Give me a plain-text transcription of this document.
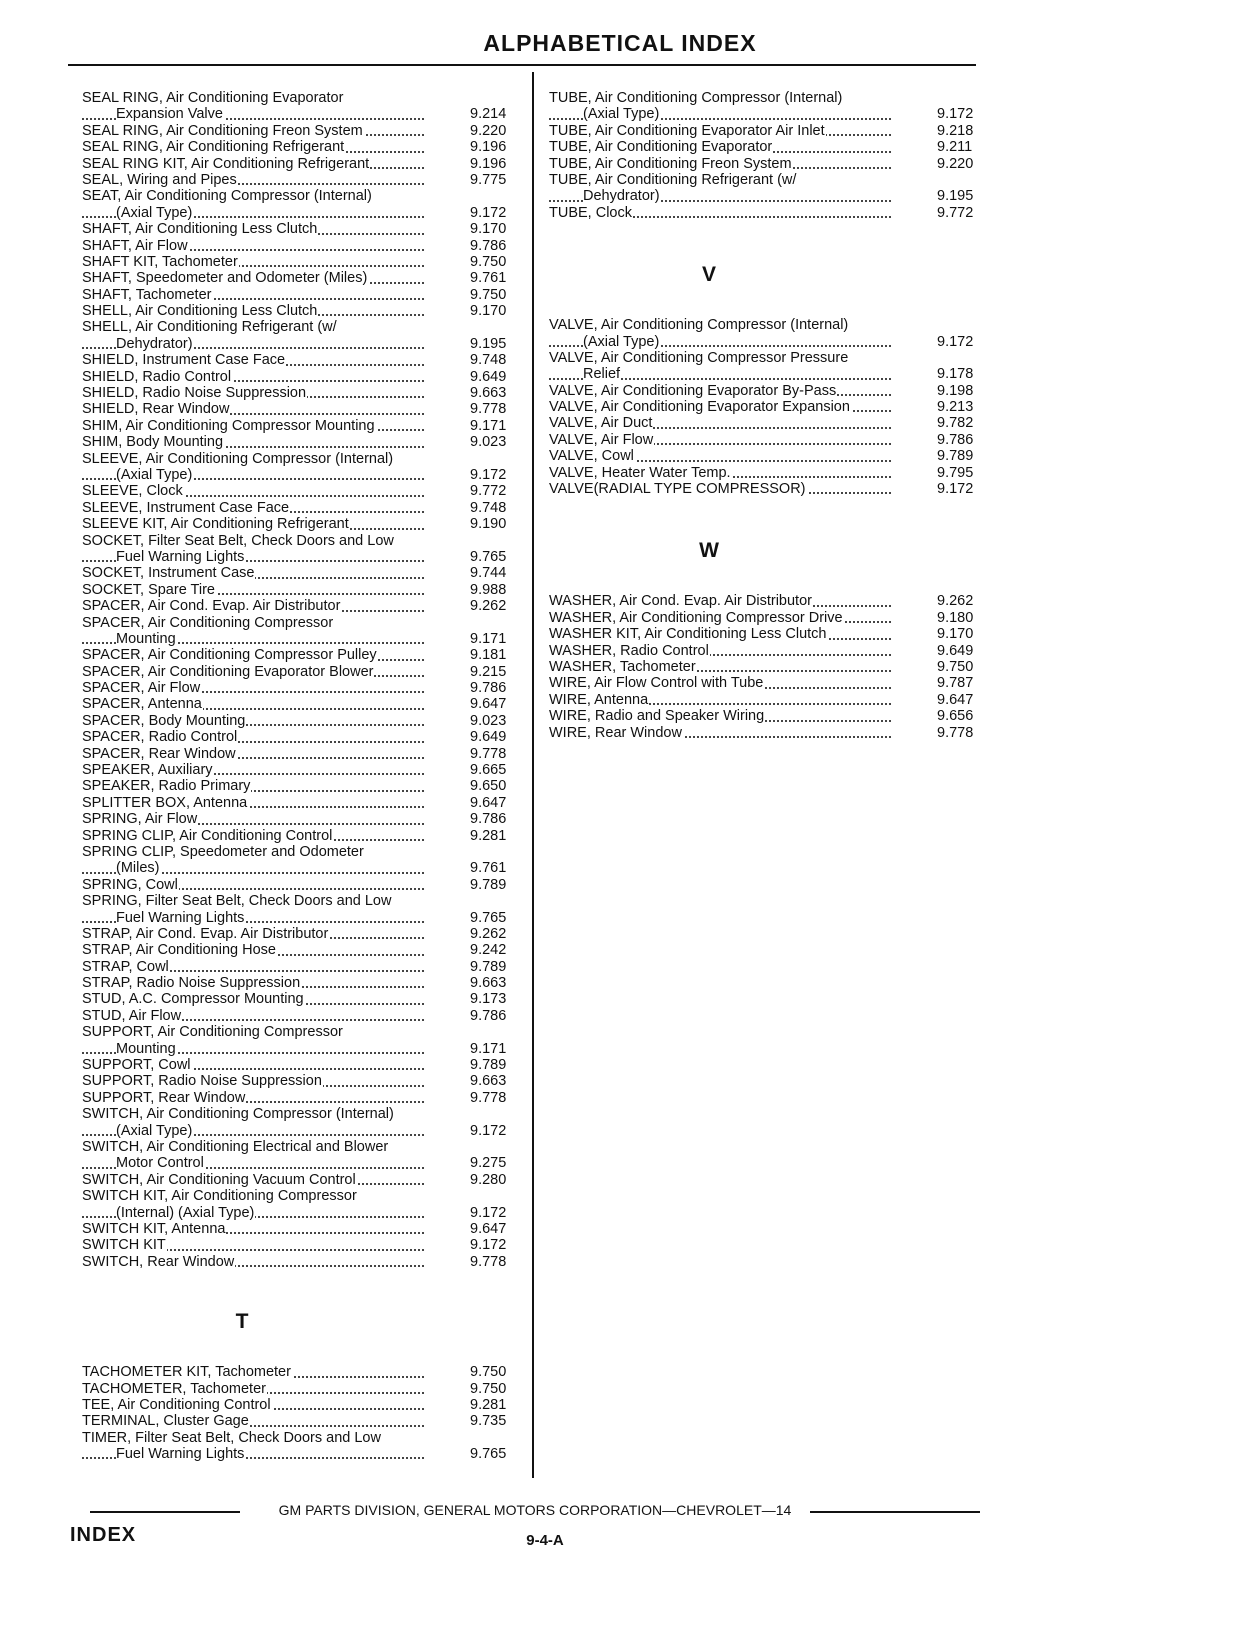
ALPHABETICAL INDEX
SEAL RING, Air Conditioning Evaporator
Expansion Valve	9.214
SEAL RING, Air Conditioning Freon System	9.220
SEAL RING, Air Conditioning Refrigerant	9.196
SEAL RING KIT, Air Conditioning Refrigerant	9.196
SEAL, Wiring and Pipes	9.775
SEAT, Air Conditioning Compressor (Internal)
(Axial Type)	9.172
SHAFT, Air Conditioning Less Clutch	9.170
SHAFT, Air Flow	9.786
SHAFT KIT, Tachometer	9.750
SHAFT, Speedometer and Odometer (Miles)	9.761
SHAFT, Tachometer	9.750
SHELL, Air Conditioning Less Clutch	9.170
SHELL, Air Conditioning Refrigerant (w/
Dehydrator)	9.195
SHIELD, Instrument Case Face	9.748
SHIELD, Radio Control	9.649
SHIELD, Radio Noise Suppression	9.663
SHIELD, Rear Window	9.778
SHIM, Air Conditioning Compressor Mounting	9.171
SHIM, Body Mounting	9.023
SLEEVE, Air Conditioning Compressor (Internal)
(Axial Type)	9.172
SLEEVE, Clock	9.772
SLEEVE, Instrument Case Face	9.748
SLEEVE KIT, Air Conditioning Refrigerant	9.190
SOCKET, Filter Seat Belt, Check Doors and Low
Fuel Warning Lights	9.765
SOCKET, Instrument Case	9.744
SOCKET, Spare Tire	9.988
SPACER, Air Cond. Evap. Air Distributor	9.262
SPACER, Air Conditioning Compressor
Mounting	9.171
SPACER, Air Conditioning Compressor Pulley	9.181
SPACER, Air Conditioning Evaporator Blower	9.215
SPACER, Air Flow	9.786
SPACER, Antenna	9.647
SPACER, Body Mounting	9.023
SPACER, Radio Control	9.649
SPACER, Rear Window	9.778
SPEAKER, Auxiliary	9.665
SPEAKER, Radio Primary	9.650
SPLITTER BOX, Antenna	9.647
SPRING, Air Flow	9.786
SPRING CLIP, Air Conditioning Control	9.281
SPRING CLIP, Speedometer and Odometer
(Miles)	9.761
SPRING, Cowl	9.789
SPRING, Filter Seat Belt, Check Doors and Low
Fuel Warning Lights	9.765
STRAP, Air Cond. Evap. Air Distributor	9.262
STRAP, Air Conditioning Hose	9.242
STRAP, Cowl	9.789
STRAP, Radio Noise Suppression	9.663
STUD, A.C. Compressor Mounting	9.173
STUD, Air Flow	9.786
SUPPORT, Air Conditioning Compressor
Mounting	9.171
SUPPORT, Cowl	9.789
SUPPORT, Radio Noise Suppression	9.663
SUPPORT, Rear Window	9.778
SWITCH, Air Conditioning Compressor (Internal)
(Axial Type)	9.172
SWITCH, Air Conditioning Electrical and Blower
Motor Control	9.275
SWITCH, Air Conditioning Vacuum Control	9.280
SWITCH KIT, Air Conditioning Compressor
(Internal) (Axial Type)	9.172
SWITCH KIT, Antenna	9.647
SWITCH KIT	9.172
SWITCH, Rear Window	9.778
T
TACHOMETER KIT, Tachometer	9.750
TACHOMETER, Tachometer	9.750
TEE, Air Conditioning Control	9.281
TERMINAL, Cluster Gage	9.735
TIMER, Filter Seat Belt, Check Doors and Low
Fuel Warning Lights	9.765
TUBE, Air Conditioning Compressor (Internal)
(Axial Type)	9.172
TUBE, Air Conditioning Evaporator Air Inlet	9.218
TUBE, Air Conditioning Evaporator	9.211
TUBE, Air Conditioning Freon System	9.220
TUBE, Air Conditioning Refrigerant (w/
Dehydrator)	9.195
TUBE, Clock	9.772
V
VALVE, Air Conditioning Compressor (Internal)
(Axial Type)	9.172
VALVE, Air Conditioning Compressor Pressure
Relief	9.178
VALVE, Air Conditioning Evaporator By-Pass	9.198
VALVE, Air Conditioning Evaporator Expansion	9.213
VALVE, Air Duct	9.782
VALVE, Air Flow	9.786
VALVE, Cowl	9.789
VALVE, Heater Water Temp.	9.795
VALVE(RADIAL TYPE COMPRESSOR)	9.172
W
WASHER, Air Cond. Evap. Air Distributor	9.262
WASHER, Air Conditioning Compressor Drive	9.180
WASHER KIT, Air Conditioning Less Clutch	9.170
WASHER, Radio Control	9.649
WASHER, Tachometer	9.750
WIRE, Air Flow Control with Tube	9.787
WIRE, Antenna	9.647
WIRE, Radio and Speaker Wiring	9.656
WIRE, Rear Window	9.778
GM PARTS DIVISION, GENERAL MOTORS CORPORATION—CHEVROLET—14
INDEX	9-4-A
